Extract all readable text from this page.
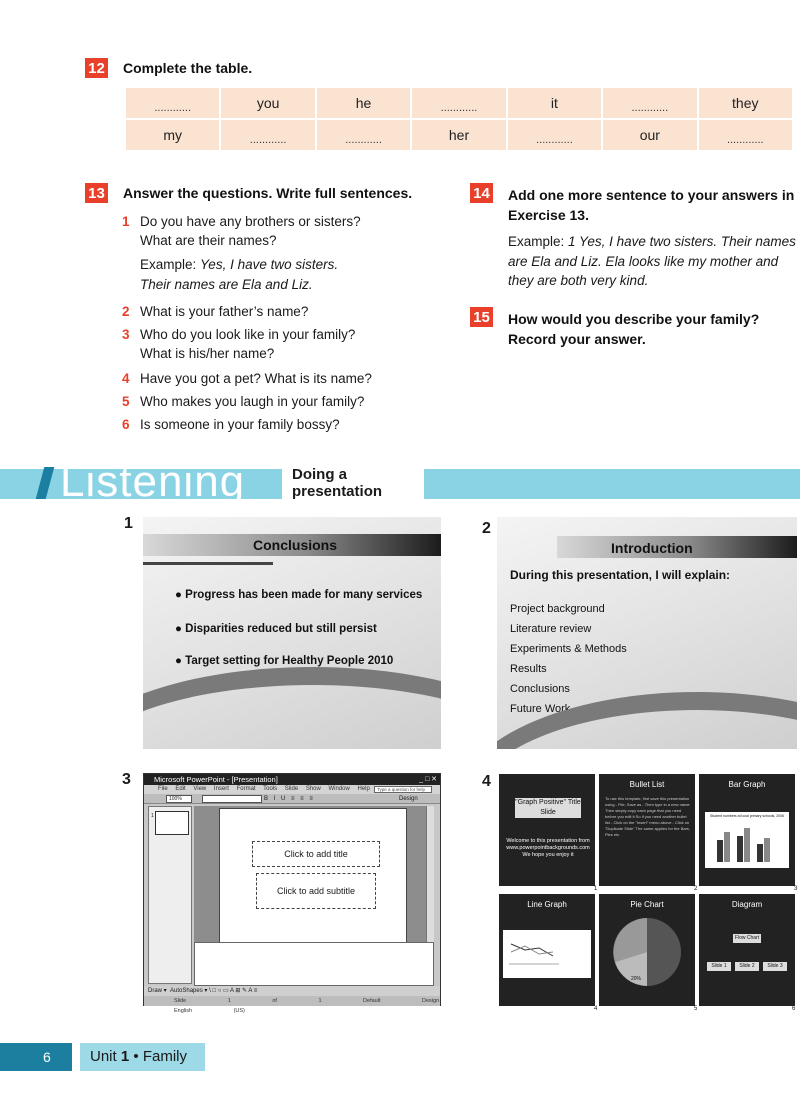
12 Complete the table.
............	you	he	............	it	............	they
my	............	............	her	............	our	............
13 Answer the questions. Write full sentences.
1 Do you have any brothers or sisters?
What are their names?
Example: Yes, I have two sisters.
Their names are Ela and Liz.
2 What is your father’s name?
3 Who do you look like in your family?
What is his/her name?
4 Have you got a pet? What is its name?
5 Who makes you laugh in your family?
6 Is someone in your family bossy?
14 Add one more sentence to your answers in
Exercise 13.
Example: 1 Yes, I have two sisters. Their names
are Ela and Liz. Ela looks like my mother and
they are both very kind.
15 How would you describe your family?
Record your answer.
Listening	Doing a presentation
1
Conclusions
● Progress has been made for many services
● Disparities reduced but still persist
● Target setting for Healthy People 2010
2
Introduction
During this presentation, I will explain:
Project background
Literature review
Experiments & Methods
Results
Conclusions
Future Work
3	Microsoft PowerPoint - [Presentation]	_ □ ✕
File Edit View Insert Format Tools Slide Show Window Help	Type a question for help
100%	B I U ≡ ≡ ≡	Design
1
Click to add title
Click to add subtitle
Draw ▾  AutoShapes ▾ \ □ ○ ▭ A ⊞ ✎ A ≡
Slide 1 of 1 Default Design English (US)
4
"Graph Positive" Title Slide
Welcome to this presentation from www.powerpointbackgrounds.com We hope you enjoy it
1
Bullet List
To use this template, first save this presentation using - File, Save as - Then type in a new name Then simply copy each page that you need before you edit it So if you need another bullet list - Click on the "Insert" menu above - Click on "Duplicate Slide" The same applies for the Bars, Pies etc
2
Bar Graph
Student numbers at local primary schools, 2006
3
Line Graph
4
Pie Chart
20%
5
Diagram
Flow Chart
Slide 1	Slide 2	Slide 3
6
6	Unit 1 • Family
